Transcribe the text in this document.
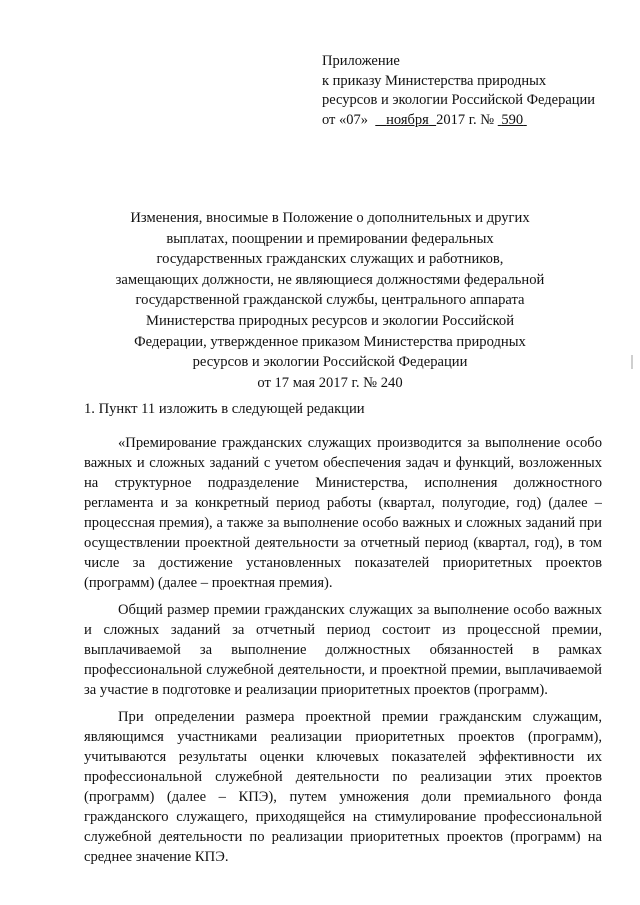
Приложение
к приказу Министерства природных
ресурсов и экологии Российской Федерации
от «07» ноября 2017 г. № 590
Изменения, вносимые в Положение о дополнительных и других
выплатах, поощрении и премировании федеральных
государственных гражданских служащих и работников,
замещающих должности, не являющиеся должностями федеральной
государственной гражданской службы, центрального аппарата
Министерства природных ресурсов и экологии Российской
Федерации, утвержденное приказом Министерства природных
ресурсов и экологии Российской Федерации
от 17 мая 2017 г. № 240
1. Пункт 11 изложить в следующей редакции
«Премирование гражданских служащих производится за выполнение особо
важных и сложных заданий с учетом обеспечения задач и функций, возложенных
на структурное подразделение Министерства, исполнения должностного
регламента и за конкретный период работы (квартал, полугодие, год) (далее –
процессная премия), а также за выполнение особо важных и сложных заданий при
осуществлении проектной деятельности за отчетный период (квартал, год), в том
числе за достижение установленных показателей приоритетных проектов
(программ) (далее – проектная премия).
Общий размер премии гражданских служащих за выполнение особо важных
и сложных заданий за отчетный период состоит из процессной премии,
выплачиваемой за выполнение должностных обязанностей в рамках
профессиональной служебной деятельности, и проектной премии, выплачиваемой
за участие в подготовке и реализации приоритетных проектов (программ).
При определении размера проектной премии гражданским служащим,
являющимся участниками реализации приоритетных проектов (программ),
учитываются результаты оценки ключевых показателей эффективности их
профессиональной служебной деятельности по реализации этих проектов
(программ) (далее – КПЭ), путем умножения доли премиального фонда
гражданского служащего, приходящейся на стимулирование профессиональной
служебной деятельности по реализации приоритетных проектов (программ) на
среднее значение КПЭ.
